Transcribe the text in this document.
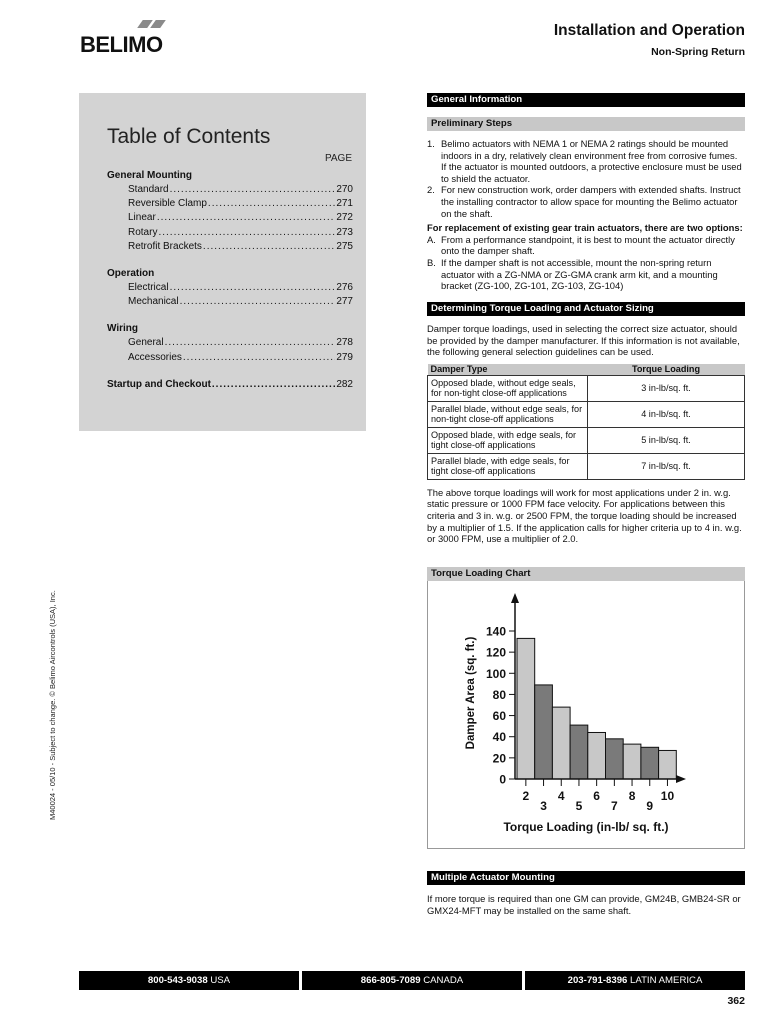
BELIMO
Installation and Operation
Non-Spring Return
Table of Contents
PAGE
General Mounting
Standard .....	270
Reversible Clamp .....	271
Linear .....	272
Rotary .....	273
Retrofit Brackets .....	275
Operation
Electrical .....	276
Mechanical .....	277
Wiring
General .....	278
Accessories .....	279
Startup and Checkout .....	282
M40024 - 05/10 - Subject to change. © Belimo Aircontrols (USA), Inc.
General Information
Preliminary Steps
1. Belimo actuators with NEMA 1 or NEMA 2 ratings should be mounted indoors in a dry, relatively clean environment free from corrosive fumes. If the actuator is mounted outdoors, a protective enclosure must be used to shield the actuator.
2. For new construction work, order dampers with extended shafts. Instruct the installing contractor to allow space for mounting the Belimo actuator on the shaft.
For replacement of existing gear train actuators, there are two options:
A. From a performance standpoint, it is best to mount the actuator directly onto the damper shaft.
B. If the damper shaft is not accessible, mount the non-spring return actuator with a ZG-NMA or ZG-GMA crank arm kit, and a mounting bracket (ZG-100, ZG-101, ZG-103, ZG-104)
Determining Torque Loading and Actuator Sizing
Damper torque loadings, used in selecting the correct size actuator, should be provided by the damper manufacturer. If this information is not available, the following general selection guidelines can be used.
Damper Type	Torque Loading
Opposed blade, without edge seals, for non-tight close-off applications	3 in-lb/sq. ft.
Parallel blade, without edge seals, for non-tight close-off applications	4 in-lb/sq. ft.
Opposed blade, with edge seals, for tight close-off applications	5 in-lb/sq. ft.
Parallel blade, with edge seals, for tight close-off applications	7 in-lb/sq. ft.
The above torque loadings will work for most applications under 2 in. w.g. static pressure or 1000 FPM face velocity. For applications between this criteria and 3 in. w.g. or 2500 FPM, the torque loading should be increased by a multiplier of 1.5. If the application calls for higher criteria up to 4 in. w.g. or 3000 FPM, use a multiplier of 2.0.
Torque Loading Chart
0
20
40
60
80
100
120
140
2
3
4
5
6
7
8
9
10
Torque Loading (in-lb/ sq. ft.)
Damper Area (sq. ft.)
Multiple Actuator Mounting
If more torque is required than one GM can provide, GM24B, GMB24-SR or GMX24-MFT may be installed on the same shaft.
800-543-9038 USA	866-805-7089 CANADA	203-791-8396 LATIN AMERICA
362
